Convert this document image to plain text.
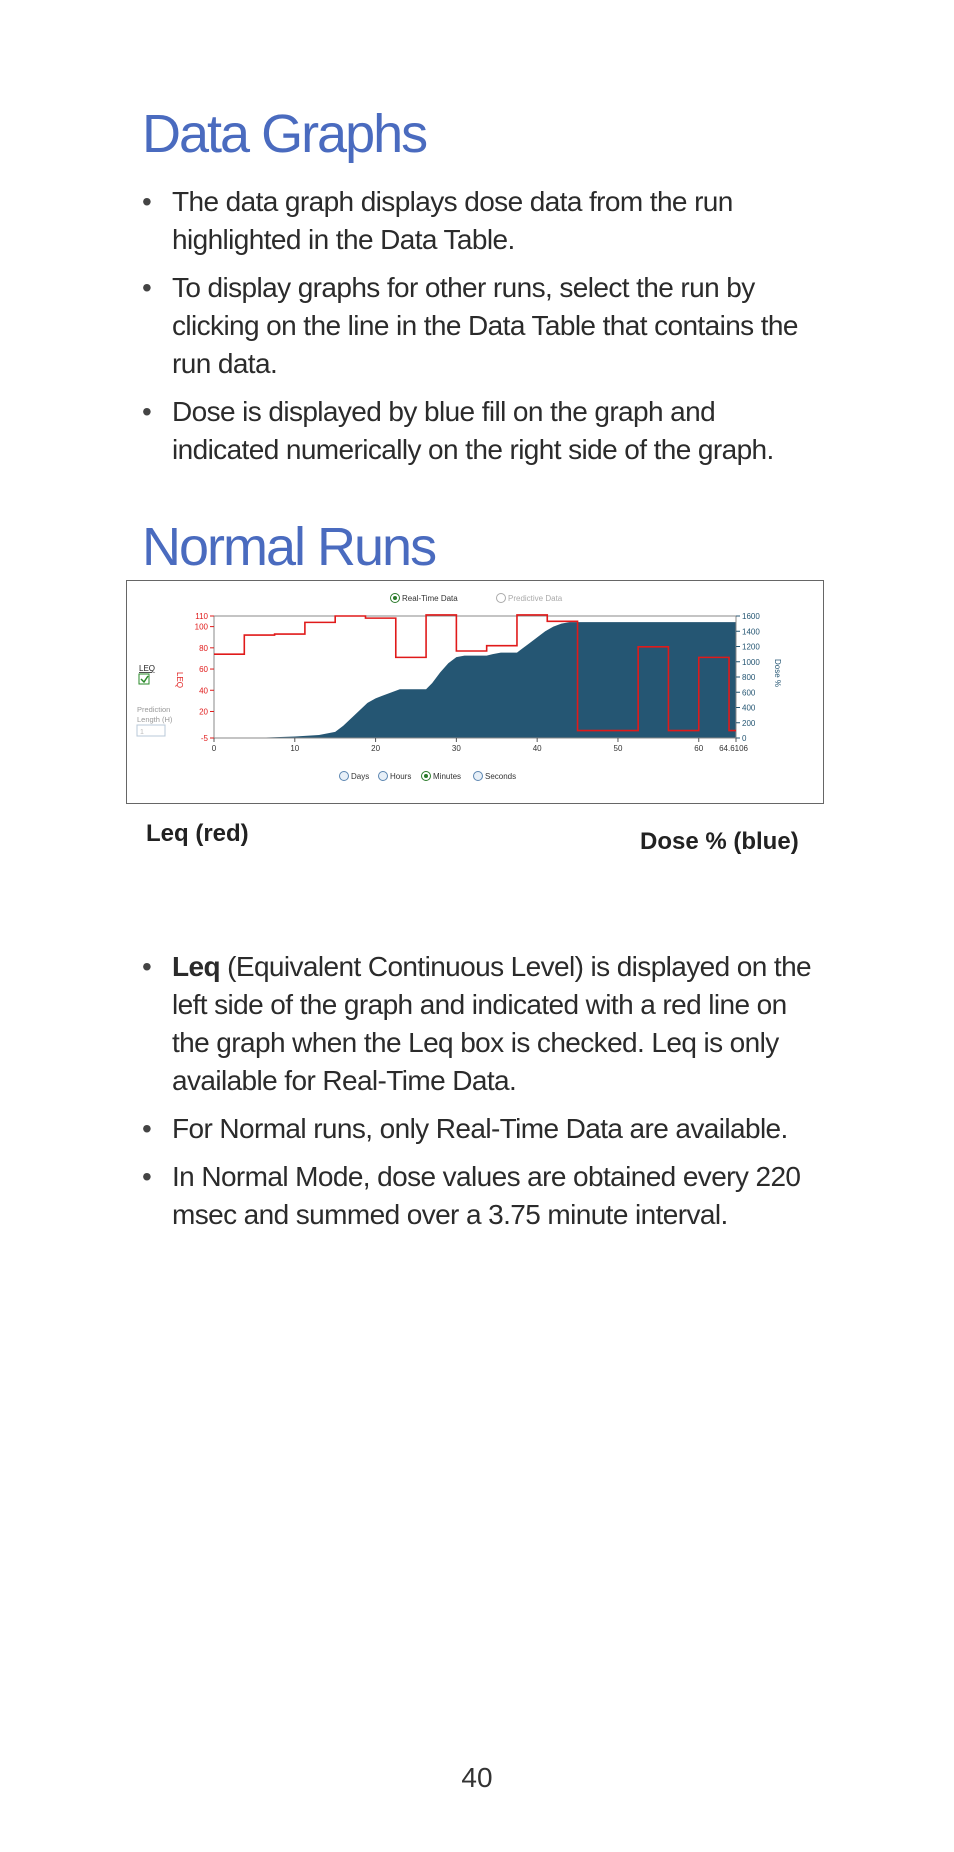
Data Graphs
• The data graph displays dose data from the run highlighted in the Data Table.
• To display graphs for other runs, select the run by clicking on the line in the Data Table that contains the run data.
• Dose is displayed by blue fill on the graph and indicated numerically on the right side of the graph.
Normal Runs
Real-Time Data	Predictive Data
LEQ
Prediction
Length (H)
1
LEQ	Dose %
0	10	20	30	40	50	60 64.6106
110
100
80
60
40
20
-5
1600
1400
1200
1000
800
600
400
200
0
Days	Hours	Minutes	Seconds
Leq (red)	Dose % (blue)
• Leq (Equivalent Continuous Level) is displayed on the left side of the graph and indicated with a red line on the graph when the Leq box is checked. Leq is only available for Real-Time Data.
• For Normal runs, only Real-Time Data are available.
• In Normal Mode, dose values are obtained every 220 msec and summed over a 3.75 minute interval.
40
